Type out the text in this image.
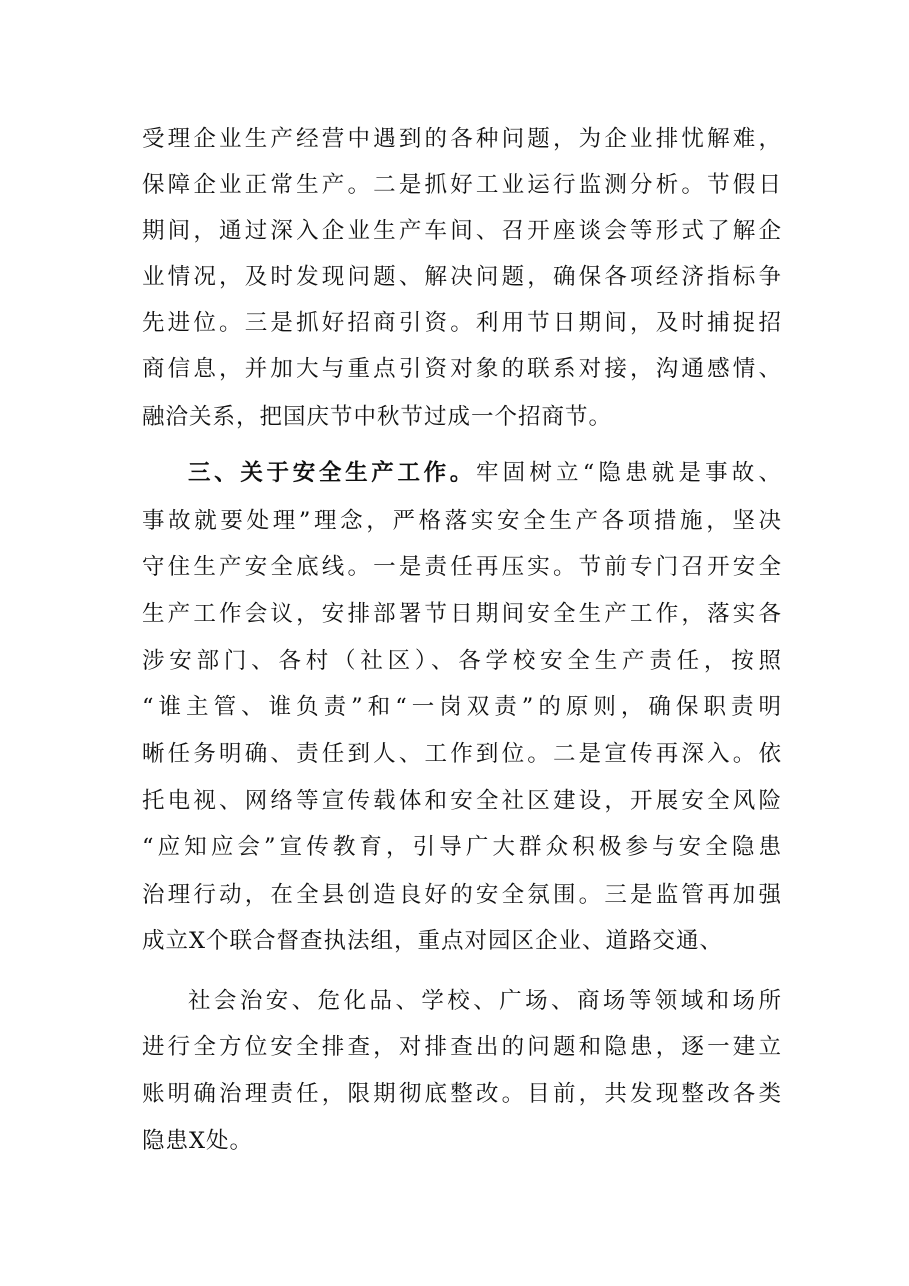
受理企业生产经营中遇到的各种问题，为企业排忧解难，
保障企业正常生产。二是抓好工业运行监测分析。节假日
期间，通过深入企业生产车间、召开座谈会等形式了解企
业情况，及时发现问题、解决问题，确保各项经济指标争
先进位。三是抓好招商引资。利用节日期间，及时捕捉招
商信息，并加大与重点引资对象的联系对接，沟通感情、
融洽关系，把国庆节中秋节过成一个招商节。
三、关于安全生产工作。牢固树立“隐患就是事故、
事故就要处理”理念，严格落实安全生产各项措施，坚决
守住生产安全底线。一是责任再压实。节前专门召开安全
生产工作会议，安排部署节日期间安全生产工作，落实各
涉安部门、各村（社区）、各学校安全生产责任，按照
“谁主管、谁负责”和“一岗双责”的原则，确保职责明
晰任务明确、责任到人、工作到位。二是宣传再深入。依
托电视、网络等宣传载体和安全社区建设，开展安全风险
“应知应会”宣传教育，引导广大群众积极参与安全隐患
治理行动，在全县创造良好的安全氛围。三是监管再加强
成立X个联合督查执法组，重点对园区企业、道路交通、
社会治安、危化品、学校、广场、商场等领域和场所
进行全方位安全排查，对排查出的问题和隐患，逐一建立
账明确治理责任，限期彻底整改。目前，共发现整改各类
隐患X处。
